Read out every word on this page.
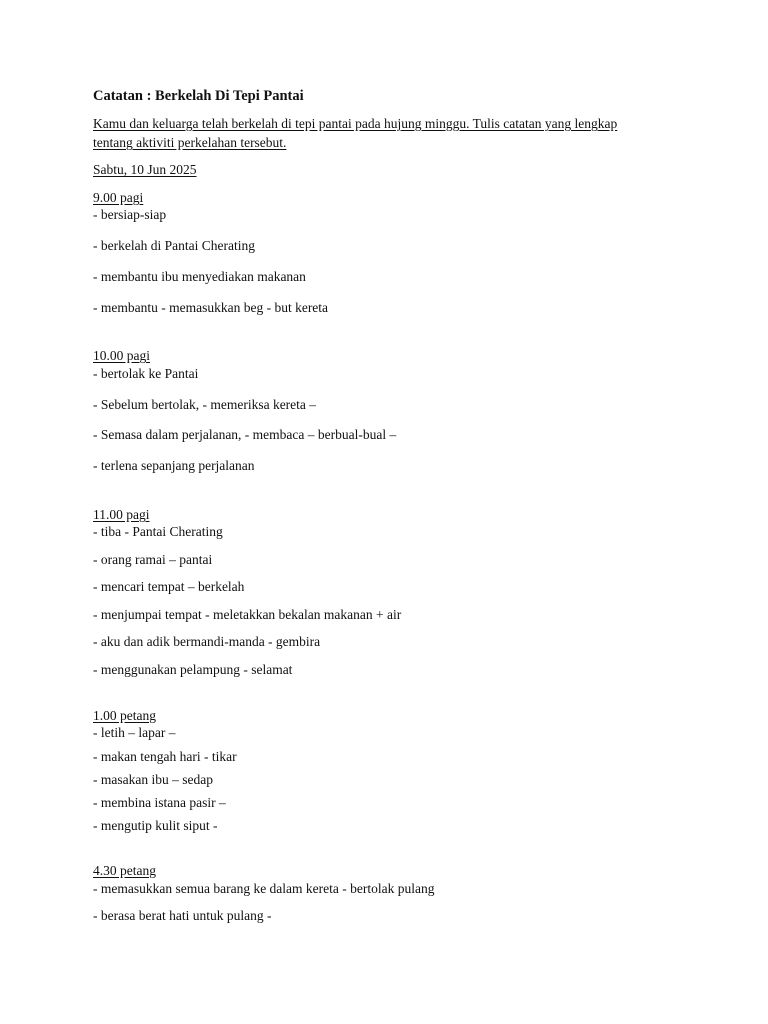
Catatan : Berkelah Di Tepi Pantai
Kamu dan keluarga telah berkelah di tepi pantai pada hujung minggu. Tulis catatan yang lengkap
tentang aktiviti perkelahan tersebut.
Sabtu, 10 Jun 2025
9.00 pagi
- bersiap-siap
- berkelah di Pantai Cherating
- membantu ibu menyediakan makanan
- membantu - memasukkan beg - but kereta
10.00 pagi
- bertolak ke Pantai
- Sebelum bertolak, - memeriksa kereta –
- Semasa dalam perjalanan, - membaca – berbual-bual –
- terlena sepanjang perjalanan
11.00 pagi
- tiba - Pantai Cherating
- orang ramai – pantai
- mencari tempat – berkelah
- menjumpai tempat - meletakkan bekalan makanan + air
- aku dan adik bermandi-manda - gembira
- menggunakan pelampung - selamat
1.00 petang
- letih – lapar –
- makan tengah hari - tikar
- masakan ibu – sedap
- membina istana pasir –
- mengutip kulit siput -
4.30 petang
- memasukkan semua barang ke dalam kereta - bertolak pulang
- berasa berat hati untuk pulang -
